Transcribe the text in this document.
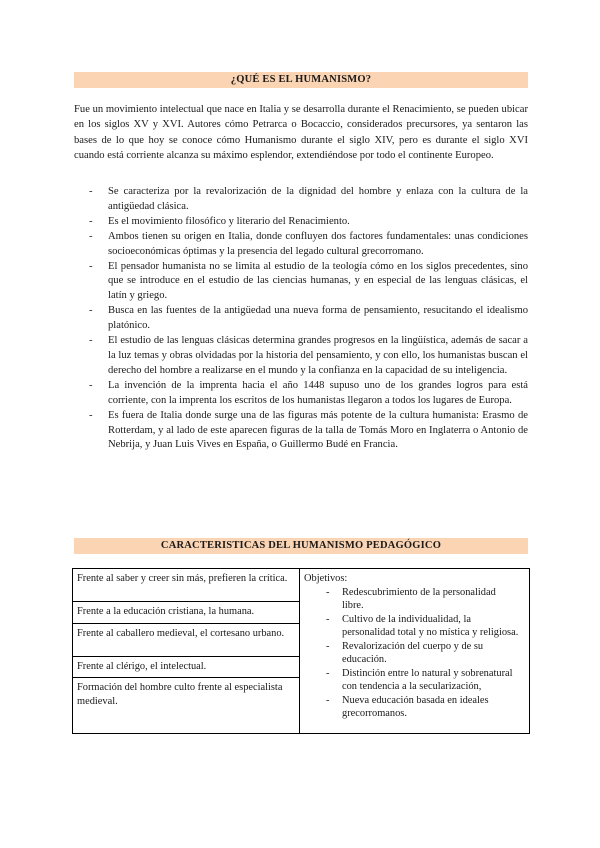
¿QUÉ ES EL HUMANISMO?

Fue un movimiento intelectual que nace en Italia y se desarrolla durante el Renacimiento, se pueden ubicar en los siglos XV y XVI. Autores cómo Petrarca o Bocaccio, considerados precursores, ya sentaron las bases de lo que hoy se conoce cómo Humanismo durante el siglo XIV, pero es durante el siglo XVI cuando está corriente alcanza su máximo esplendor, extendiéndose por todo el continente Europeo.

- Se caracteriza por la revalorización de la dignidad del hombre y enlaza con la cultura de la antigüedad clásica.
- Es el movimiento filosófico y literario del Renacimiento.
- Ambos tienen su origen en Italia, donde confluyen dos factores fundamentales: unas condiciones socioeconómicas óptimas y la presencia del legado cultural grecorromano.
- El pensador humanista no se limita al estudio de la teología cómo en los siglos precedentes, sino que se introduce en el estudio de las ciencias humanas, y en especial de las lenguas clásicas, el latín y griego.
- Busca en las fuentes de la antigüedad una nueva forma de pensamiento, resucitando el idealismo platónico.
- El estudio de las lenguas clásicas determina grandes progresos en la lingüística, además de sacar a la luz temas y obras olvidadas por la historia del pensamiento, y con ello, los humanistas buscan el derecho del hombre a realizarse en el mundo y la confianza en la capacidad de su inteligencia.
- La invención de la imprenta hacia el año 1448 supuso uno de los grandes logros para está corriente, con la imprenta los escritos de los humanistas llegaron a todos los lugares de Europa.
- Es fuera de Italia donde surge una de las figuras más potente de la cultura humanista: Erasmo de Rotterdam, y al lado de este aparecen figuras de la talla de Tomás Moro en Inglaterra o Antonio de Nebrija, y Juan Luis Vives en España, o Guillermo Budé en Francia.
CARACTERISTICAS DEL HUMANISMO PEDAGÓGICO
Frente al saber y creer sin más, prefieren la crítica.	Objetivos:
- Redescubrimiento de la personalidad libre.
- Cultivo de la individualidad, la personalidad total y no mística y religiosa.
- Revalorización del cuerpo y de su educación.
- Distinción entre lo natural y sobrenatural con tendencia a la secularización,
- Nueva educación basada en ideales grecorromanos.

Frente a la educación cristiana, la humana.
Frente al caballero medieval, el cortesano urbano.
Frente al clérigo, el intelectual.
Formación del hombre culto frente al especialista medieval.
